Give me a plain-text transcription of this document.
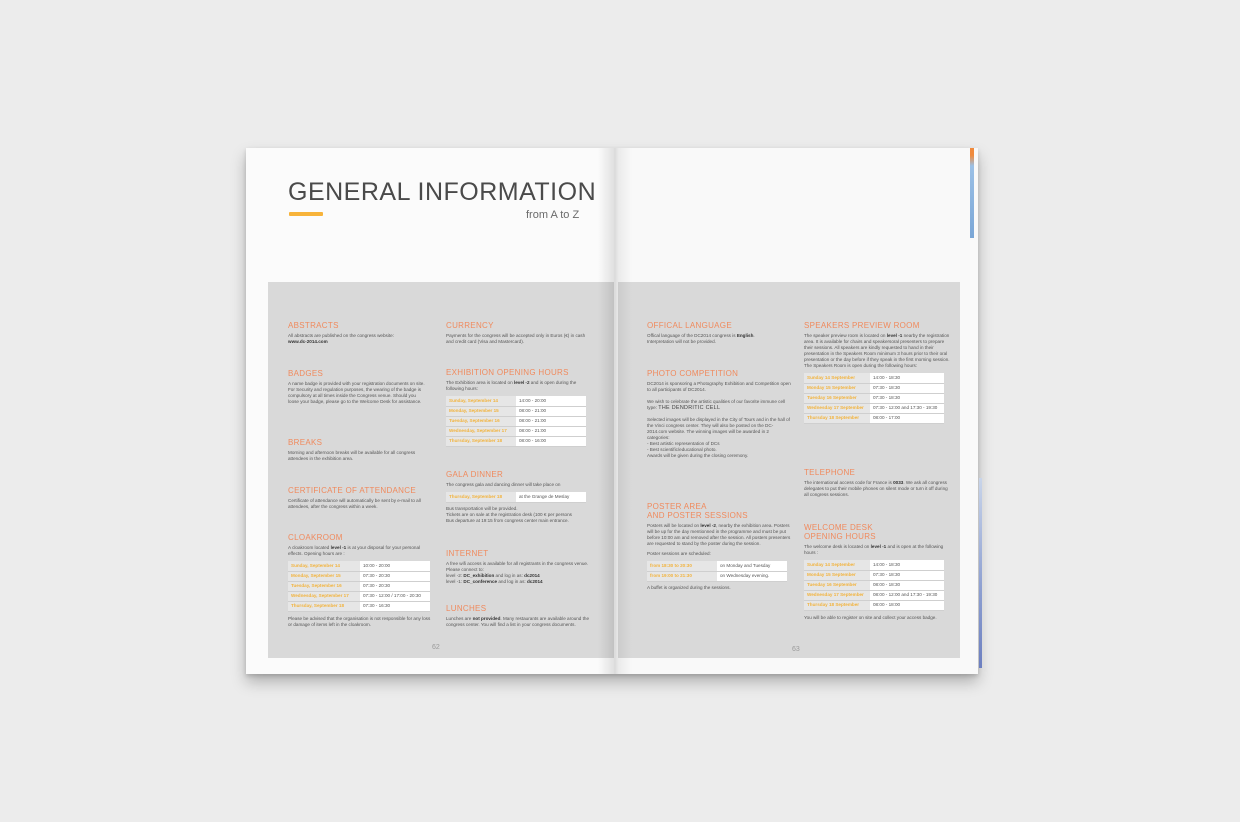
GENERAL INFORMATION
from A to Z
ABSTRACTS
All abstracts are published on the congress website:
www.dc-2014.com
BADGES
A name badge is provided with your registration documents on site. For Security and regulation purposes, the wearing of the badge is compulsory at all times inside the Congress venue. Should you loose your badge, please go to the Welcome Desk for assistance.
BREAKS
Morning and afternoon breaks will be available for all congress attendees in the exhibition area.
CERTIFICATE OF ATTENDANCE
Certificate of attendance will automatically be sent by e-mail to all attendees, after the congress within a week.
CLOAKROOM
A cloakroom located level -1 is at your disposal for your personal effects. Opening hours are :
Sunday, September 14	10:00 - 20:00
Monday, September 15	07:30 - 20:30
Tuesday, September 16	07:30 - 20:30
Wednesday, September 17	07:30 - 12:00 / 17:00 - 20:30
Thursday, September 18	07:30 - 16:30
Please be advised that the organisation is not responsible for any loss or damage of items left in the cloakroom.
CURRENCY
Payments for the congress will be accepted only in Euros (€) in cash and credit card (Visa and Mastercard).
EXHIBITION OPENING HOURS
The Exhibition area is located on level -2 and is open during the following hours:
Sunday, September 14	14:00 - 20:00
Monday, September 15	08:00 - 21:00
Tuesday, September 16	08:00 - 21:00
Wednesday, September 17	08:00 - 21:00
Thursday, September 18	08:00 - 16:00
GALA DINNER
The congress gala and dancing dinner will take place on
Thursday, September 18	at the Grange de Meslay
Bus transportation will be provided.
Tickets are on sale at the registration desk (100 € per persons
Bus departure at 19:15 from congress center main entrance.
INTERNET
A free wifi access is available for all registrants in the congress venue. Please connect to:
level -2: DC_exhibition and log in as: dc2014
level -1: DC_conference and log in as: dc2014
LUNCHES
Lunches are not provided. Many restaurants are available around the congress center. You will find a list in your congress documents.
62
OFFICAL LANGUAGE
Offical language of the DC2014 congress is English.
Interpretation will not be provided.
PHOTO COMPETITION
DC2014 is sponsoring a Photography Exhibition and Competition open to all participants of DC2014.

We wish to celebrate the artistic qualities of our favorite immune cell type: THE DENDRITIC CELL

Selected images will be displayed in the City of Tours and in the hall of the Vinci congress center. They will also be posted on the DC-2014.com website. The winning images will be awarded in 2 categories:
- Best artistic representation of DCs
- Best scientific/educational photo.
Awards will be given during the closing ceremony.
POSTER AREA
AND POSTER SESSIONS
Posters will be located on level -2, nearby the exhibition area. Posters will be up for the day mentionned in the programme and must be put before 10:00 am and removed after the session. All posters presenters are requested to stand by the poster during the session.
Poster sessions are scheduled:
from 18:30 to 20:30	on Monday and Tuesday
from 19:00 to 21:30	on Wednesday evening.
A buffet is organized during the sessions.
SPEAKERS PREVIEW ROOM
The speaker preview room is located on level -1 nearby the registration area. It is available for chairs and speakersoral presenters to prepare their sessions. All speakers are kindly requested to hand in their presentation in the Speakers Room minimum 3 hours prior to their oral presentation or the day before if they speak in the first morning session. The Speakers Room is open during the following hours:
Sunday 14 September	14:00 - 18:30
Monday 15 September	07:30 - 18:30
Tuesday 16 September	07:30 - 18:30
Wednesday 17 September	07:30 - 12:00 and 17:30 - 19:30
Thursday 18 September	08:00 - 17:00
TELEPHONE
The international access code for France is 0033. We ask all congress delegates to put their mobile phones on silent mode or turn it off during all congress sessions.
WELCOME DESK
OPENING HOURS
The welcome desk is located on level -1 and is open at the following hours :
Sunday 14 September	14:00 - 18:30
Monday 15 September	07:30 - 18:30
Tuesday 16 September	08:00 - 18:30
Wednesday 17 September	08:00 - 12:00 and 17:30 - 19:30
Thursday 18 September	08:00 - 18:00
You will be able to register on site and collect your access badge.
63
